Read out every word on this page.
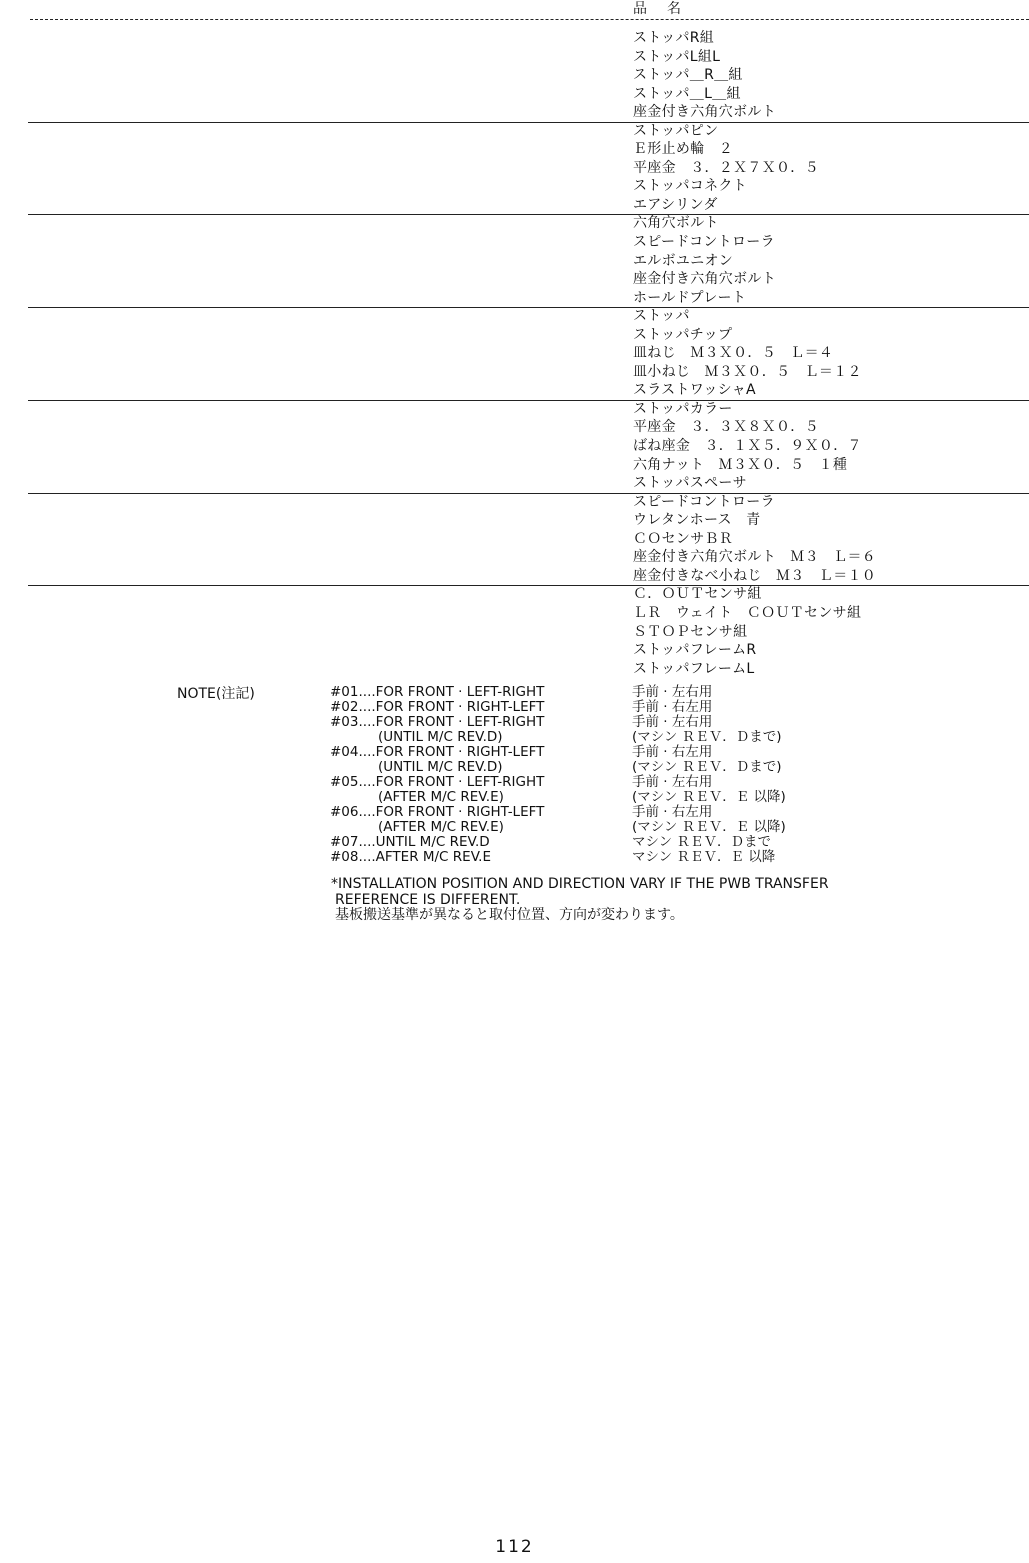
品　名
ストッパR組
ストッパL組L
ストッパ＿R＿組
ストッパ＿L＿組
座金付き六角穴ボルト
ストッパピン
Ｅ形止め輪　２
平座金　３．２Ｘ７Ｘ０．５
ストッパコネクト
エアシリンダ
六角穴ボルト
スピードコントローラ
エルボユニオン
座金付き六角穴ボルト
ホールドプレート
ストッパ
ストッパチップ
皿ねじ　Ｍ３Ｘ０．５　Ｌ＝４
皿小ねじ　Ｍ３Ｘ０．５　Ｌ＝１２
スラストワッシャA
ストッパカラー
平座金　３．３Ｘ８Ｘ０．５
ばね座金　３．１Ｘ５．９Ｘ０．７
六角ナット　Ｍ３Ｘ０．５　１種
ストッパスペーサ
スピードコントローラ
ウレタンホース　青
ＣＯセンサＢＲ
座金付き六角穴ボルト　Ｍ３　Ｌ＝６
座金付きなべ小ねじ　Ｍ３　Ｌ＝１０
Ｃ．ＯＵＴセンサ組
ＬＲ　ウェイト　ＣＯＵＴセンサ組
ＳＴＯＰセンサ組
ストッパフレームR
ストッパフレームL
NOTE(注記)	#01....FOR FRONT · LEFT-RIGHT	手前 · 左右用
#02....FOR FRONT · RIGHT-LEFT	手前 · 右左用
#03....FOR FRONT · LEFT-RIGHT	手前 · 左右用
(UNTIL M/C REV.D)	(マシン ＲＥＶ．Ｄまで)
#04....FOR FRONT · RIGHT-LEFT	手前 · 右左用
(UNTIL M/C REV.D)	(マシン ＲＥＶ．Ｄまで)
#05....FOR FRONT · LEFT-RIGHT	手前 · 左右用
(AFTER M/C REV.E)	(マシン ＲＥＶ．Ｅ 以降)
#06....FOR FRONT · RIGHT-LEFT	手前 · 右左用
(AFTER M/C REV.E)	(マシン ＲＥＶ．Ｅ 以降)
#07....UNTIL M/C REV.D	マシン ＲＥＶ．Ｄまで
#08....AFTER M/C REV.E	マシン ＲＥＶ．Ｅ 以降
*INSTALLATION POSITION AND DIRECTION VARY IF THE PWB TRANSFER
REFERENCE IS DIFFERENT.
基板搬送基準が異なると取付位置、方向が変わります。
112
